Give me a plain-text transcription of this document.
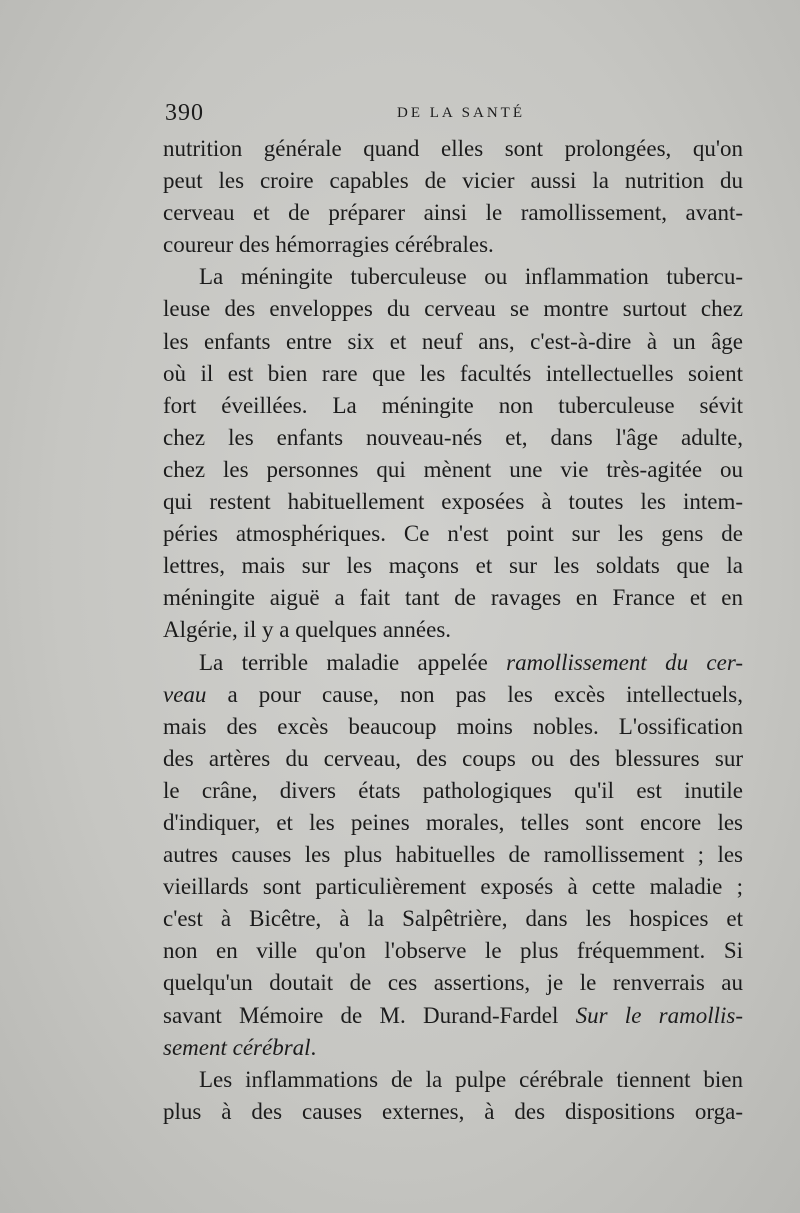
390	DE LA SANTÉ
nutrition générale quand elles sont prolongées, qu'on
peut les croire capables de vicier aussi la nutrition du
cerveau et de préparer ainsi le ramollissement, avant-
coureur des hémorragies cérébrales.
La méningite tuberculeuse ou inflammation tubercu-
leuse des enveloppes du cerveau se montre surtout chez
les enfants entre six et neuf ans, c'est-à-dire à un âge
où il est bien rare que les facultés intellectuelles soient
fort éveillées. La méningite non tuberculeuse sévit
chez les enfants nouveau-nés et, dans l'âge adulte,
chez les personnes qui mènent une vie très-agitée ou
qui restent habituellement exposées à toutes les intem-
péries atmosphériques. Ce n'est point sur les gens de
lettres, mais sur les maçons et sur les soldats que la
méningite aiguë a fait tant de ravages en France et en
Algérie, il y a quelques années.
La terrible maladie appelée ramollissement du cer-
veau a pour cause, non pas les excès intellectuels,
mais des excès beaucoup moins nobles. L'ossification
des artères du cerveau, des coups ou des blessures sur
le crâne, divers états pathologiques qu'il est inutile
d'indiquer, et les peines morales, telles sont encore les
autres causes les plus habituelles de ramollissement ; les
vieillards sont particulièrement exposés à cette maladie ;
c'est à Bicêtre, à la Salpêtrière, dans les hospices et
non en ville qu'on l'observe le plus fréquemment. Si
quelqu'un doutait de ces assertions, je le renverrais au
savant Mémoire de M. Durand-Fardel Sur le ramollis-
sement cérébral.
Les inflammations de la pulpe cérébrale tiennent bien
plus à des causes externes, à des dispositions orga-
